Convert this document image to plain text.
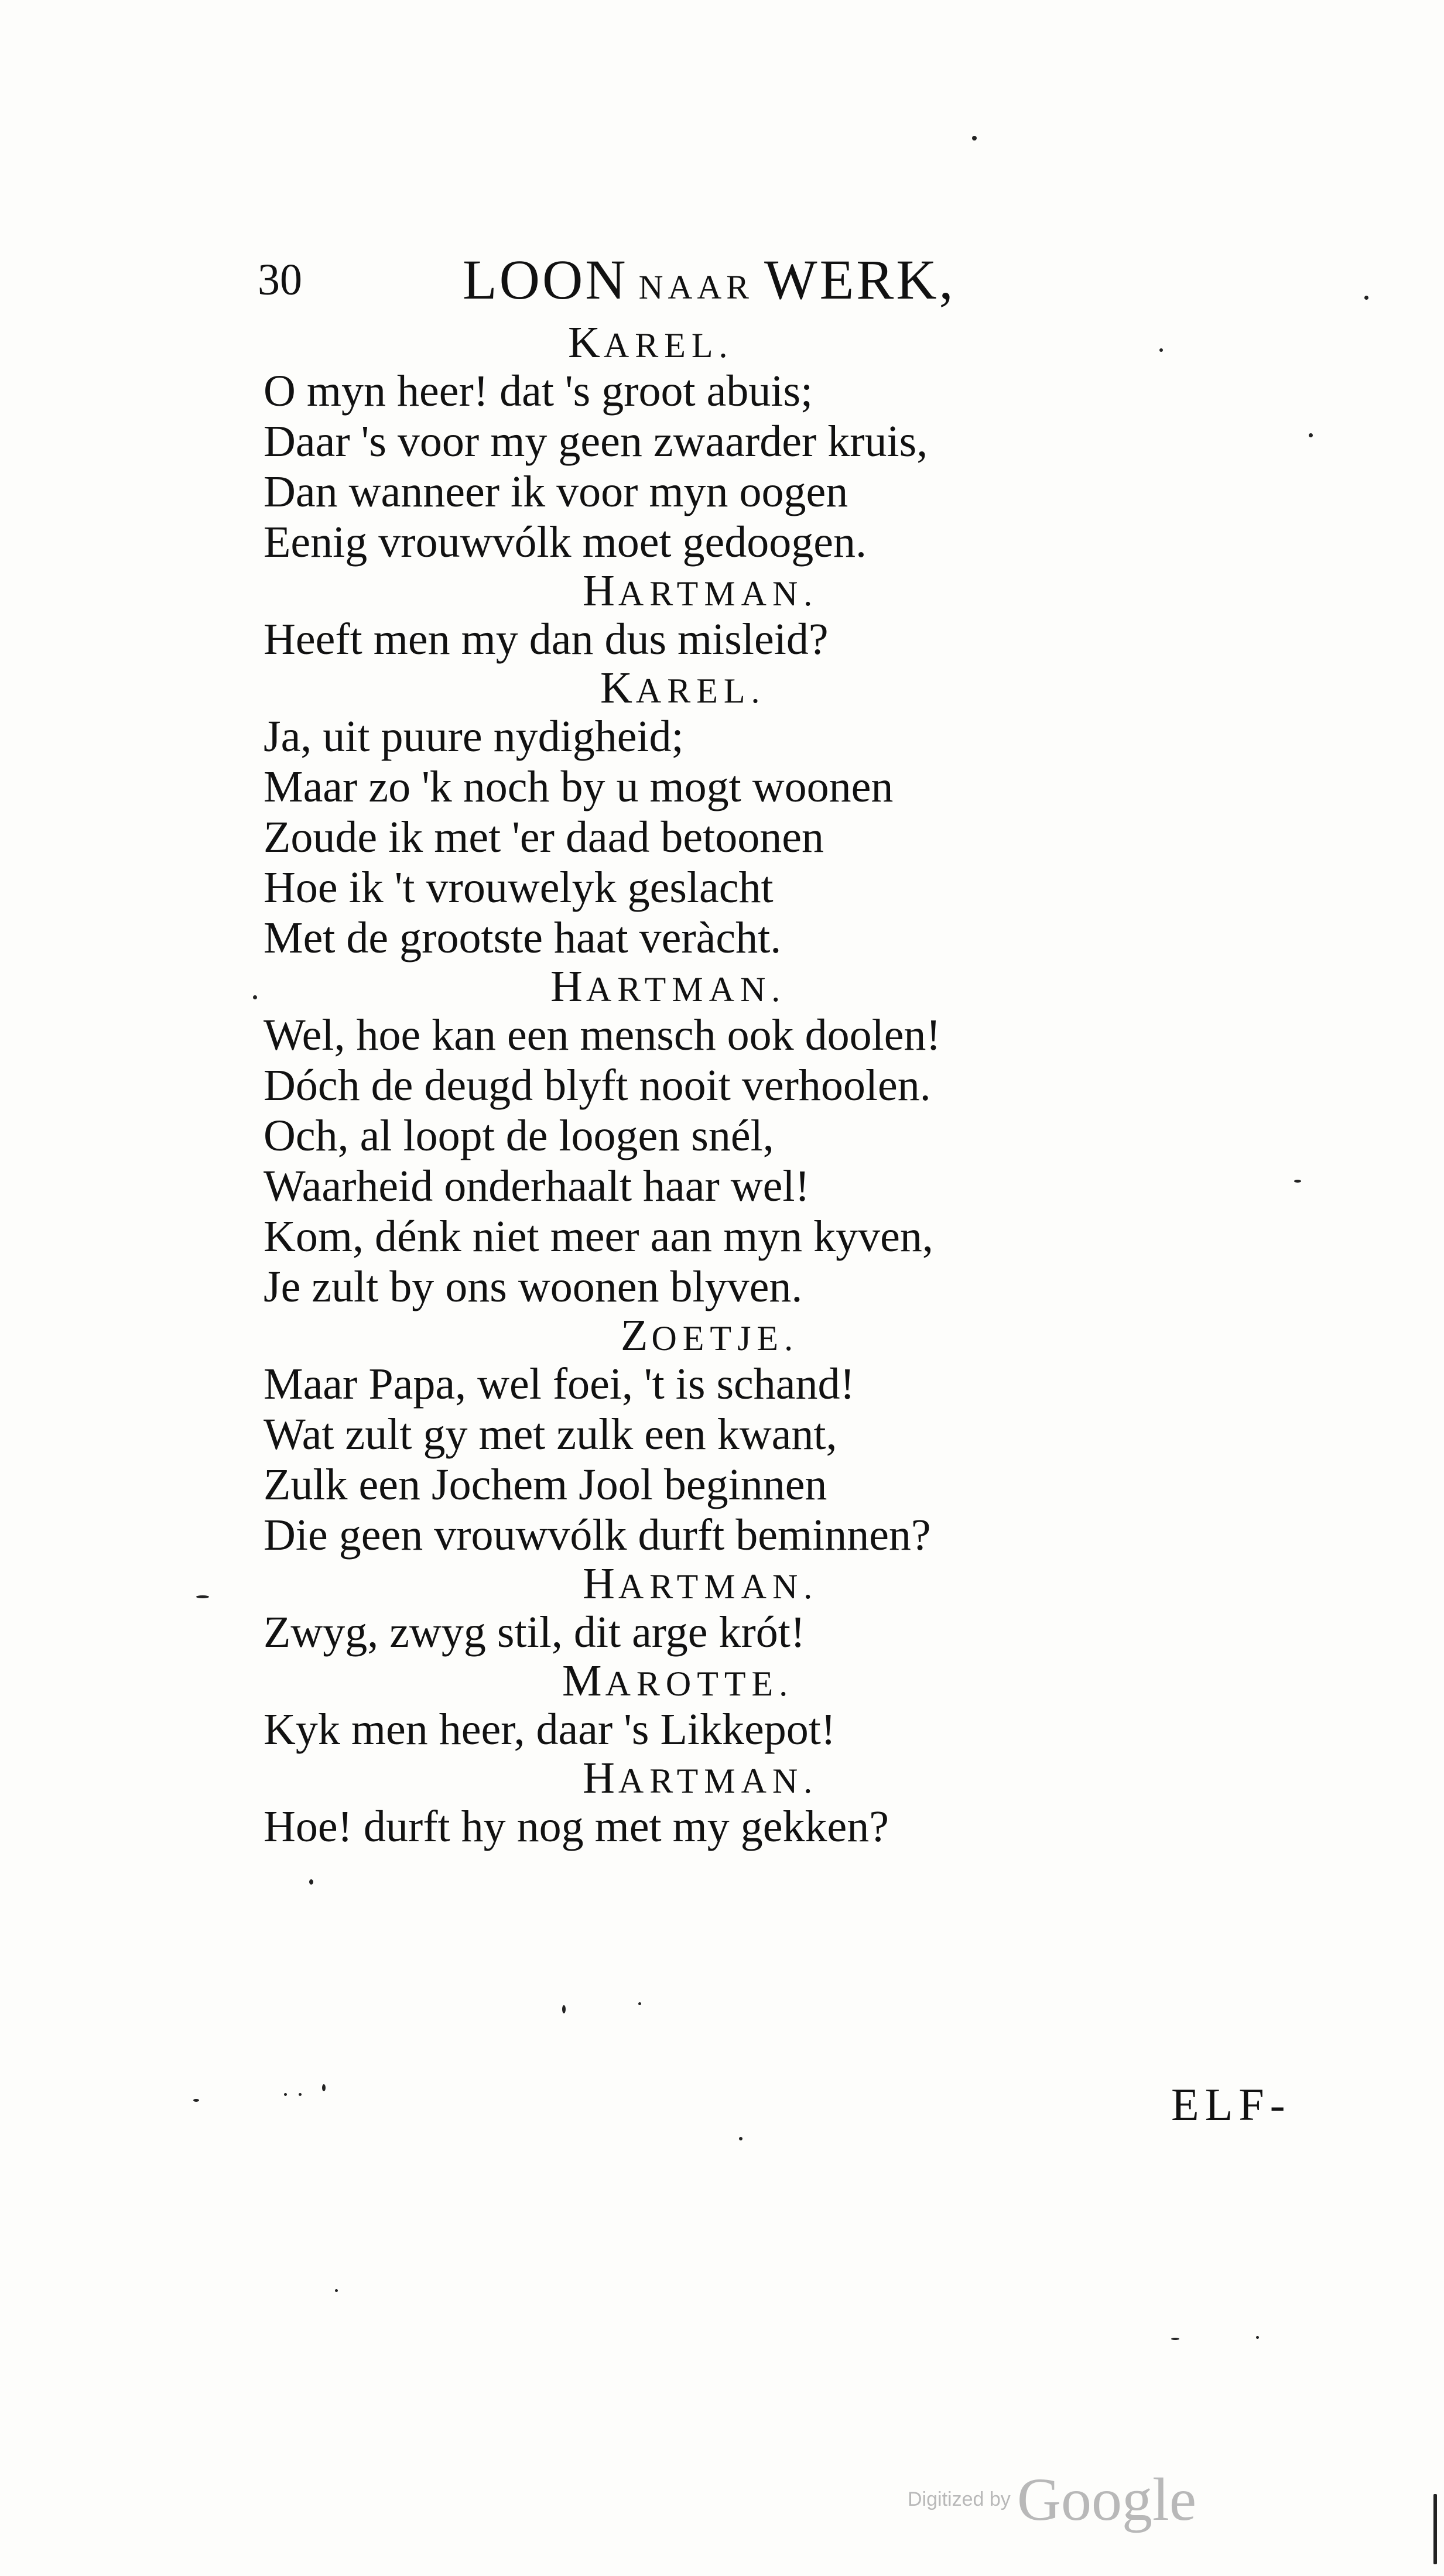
30	LOON NAAR WERK,
KAREL.
O myn heer! dat 's groot abuis;
Daar 's voor my geen zwaarder kruis,
Dan wanneer ik voor myn oogen
Eenig vrouwvólk moet gedoogen.
HARTMAN.
Heeft men my dan dus misleid?
KAREL.
Ja, uit puure nydigheid;
Maar zo 'k noch by u mogt woonen
Zoude ik met 'er daad betoonen
Hoe ik 't vrouwelyk geslacht
Met de grootste haat veràcht.
HARTMAN.
Wel, hoe kan een mensch ook doolen!
Dóch de deugd blyft nooit verhoolen.
Och, al loopt de loogen snél,
Waarheid onderhaalt haar wel!
Kom, dénk niet meer aan myn kyven,
Je zult by ons woonen blyven.
ZOETJE.
Maar Papa, wel foei, 't is schand!
Wat zult gy met zulk een kwant,
Zulk een Jochem Jool beginnen
Die geen vrouwvólk durft beminnen?
HARTMAN.
Zwyg, zwyg stil, dit arge krót!
MAROTTE.
Kyk men heer, daar 's Likkepot!
HARTMAN.
Hoe! durft hy nog met my gekken?
ELF-
Digitized by Google
